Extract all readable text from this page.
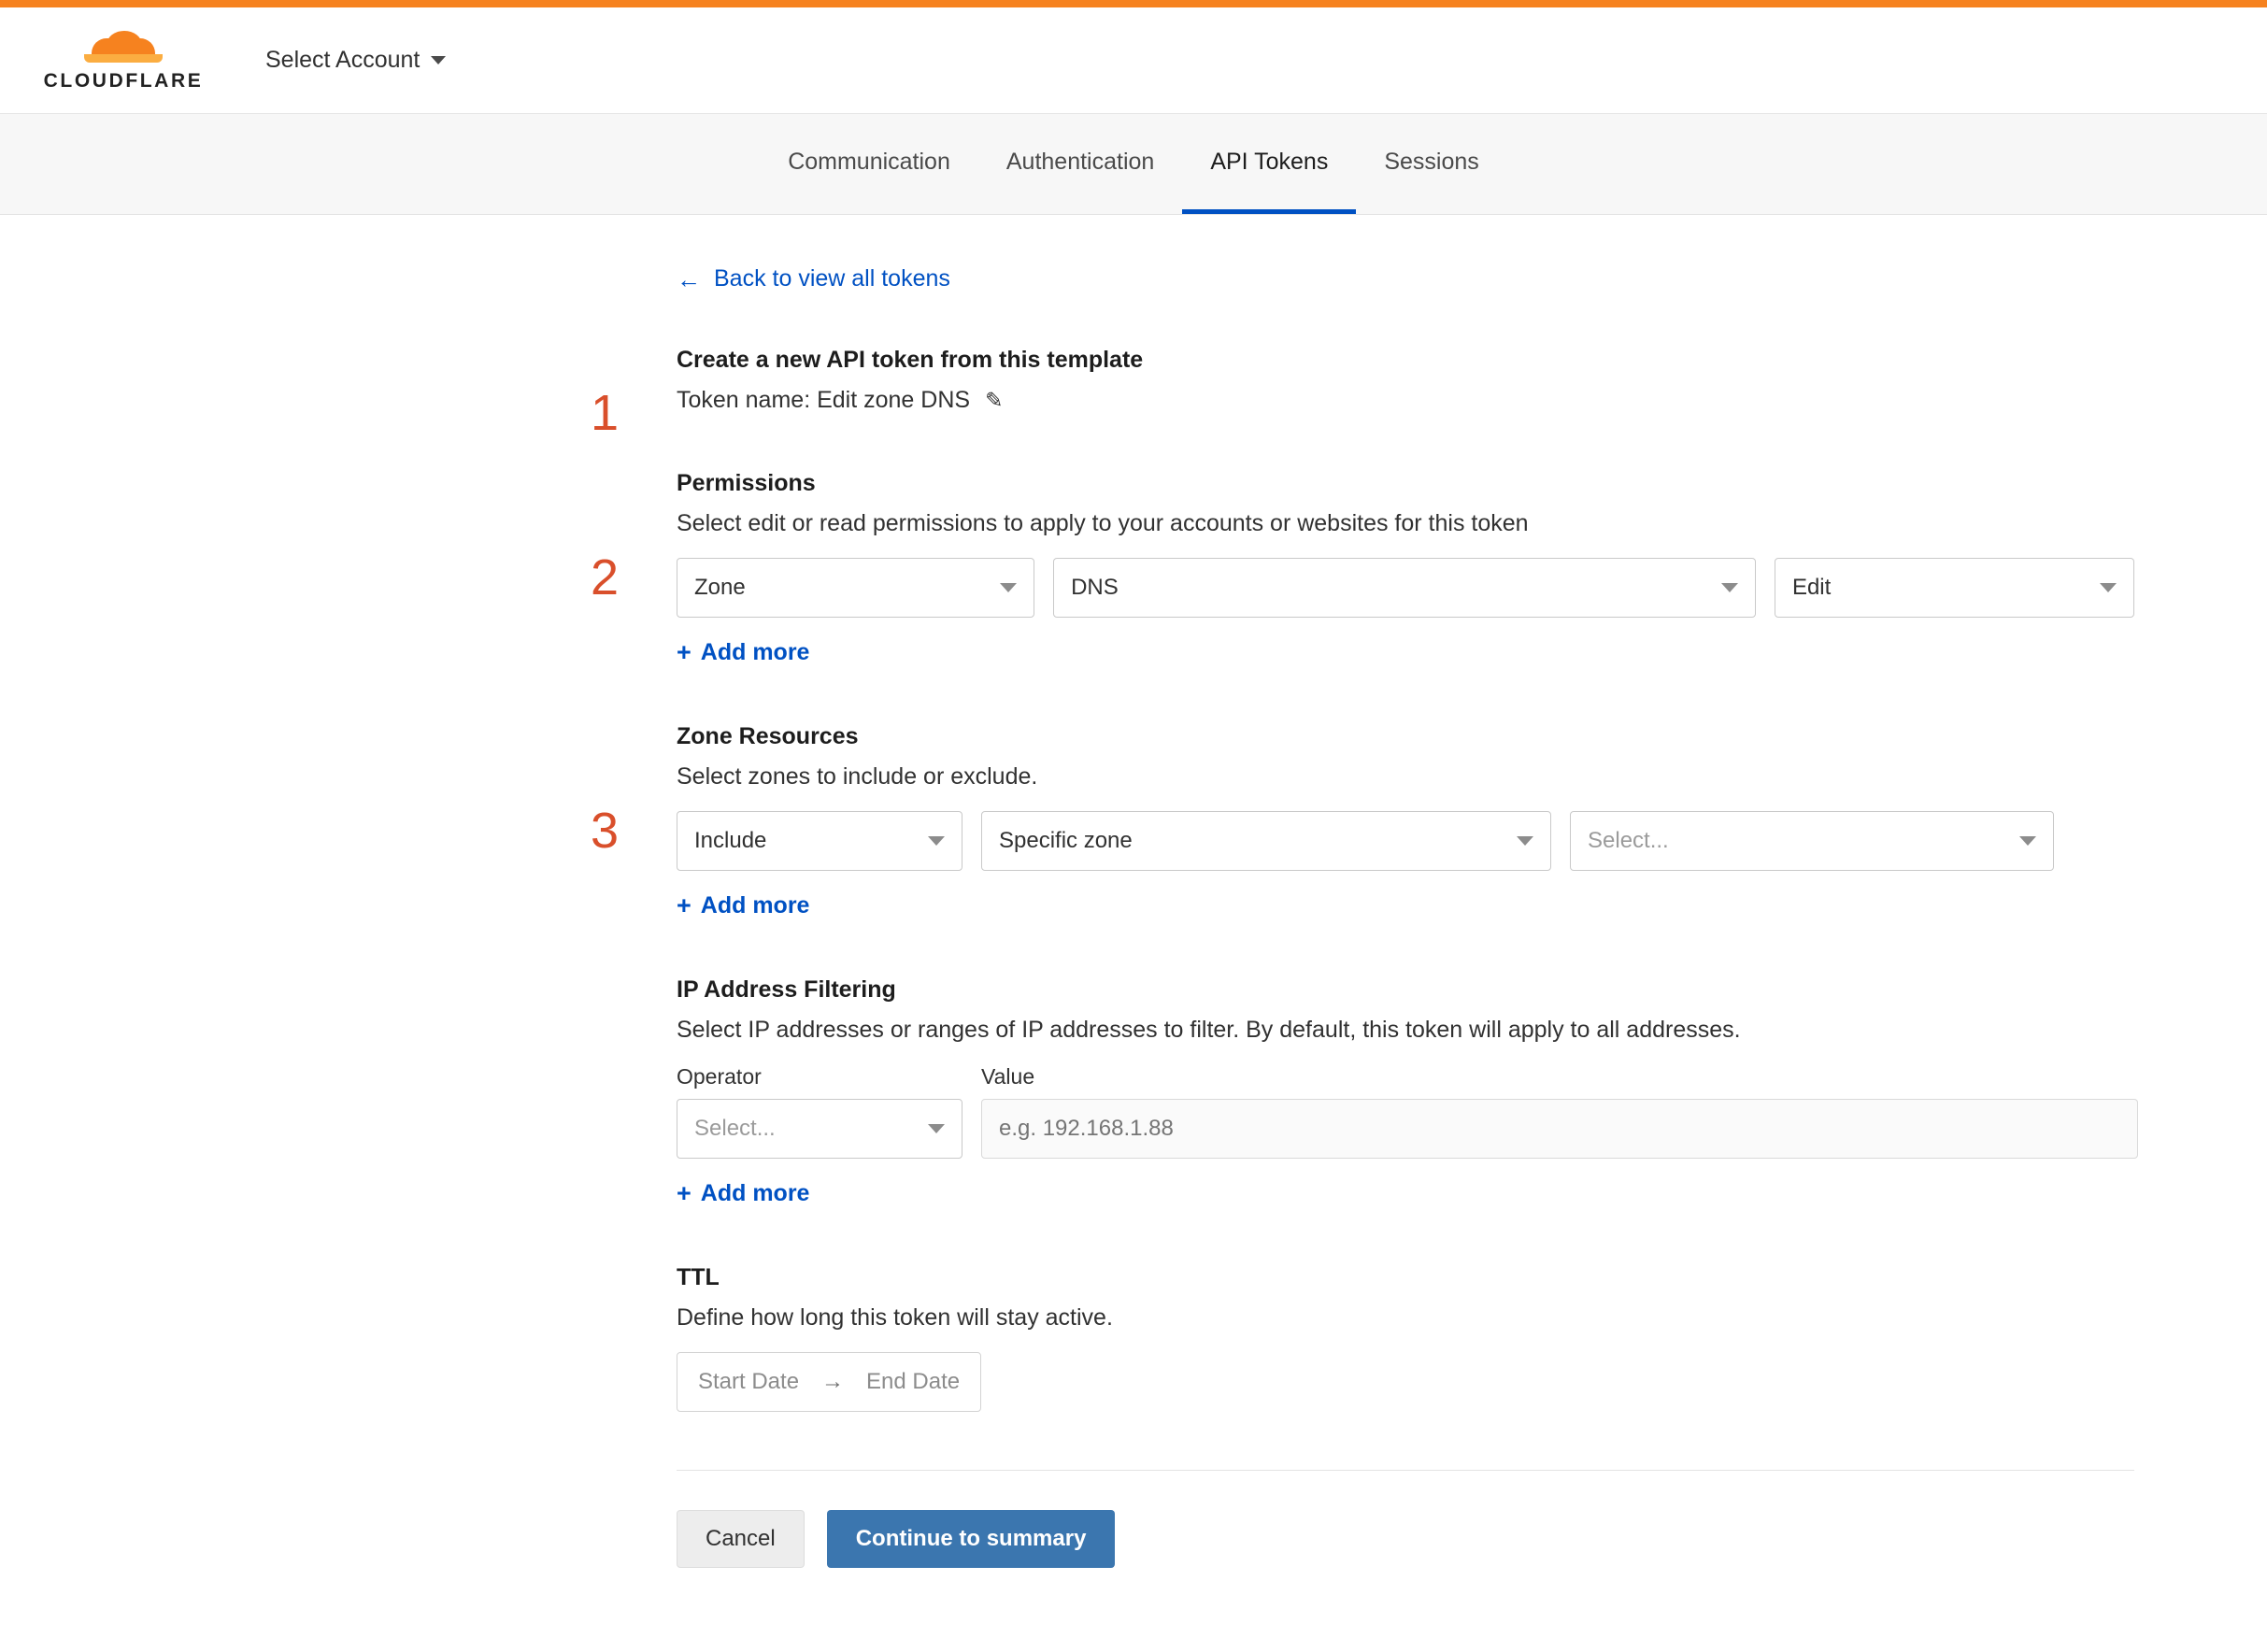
CLOUDFLARE
Select Account
Communication	Authentication	API Tokens	Sessions
← Back to view all tokens
1
Create a new API token from this template
Token name: Edit zone DNS ✎
2
Permissions

Select edit or read permissions to apply to your accounts or websites for this token

Zone	DNS	Edit
+ Add more
3
Zone Resources

Select zones to include or exclude.

Include	Specific zone	Select...
+ Add more
IP Address Filtering

Select IP addresses or ranges of IP addresses to filter. By default, this token will apply to all addresses.

Operator
Select...
Value
e.g. 192.168.1.88
+ Add more
TTL

Define how long this token will stay active.

Start Date → End Date
Cancel	Continue to summary
